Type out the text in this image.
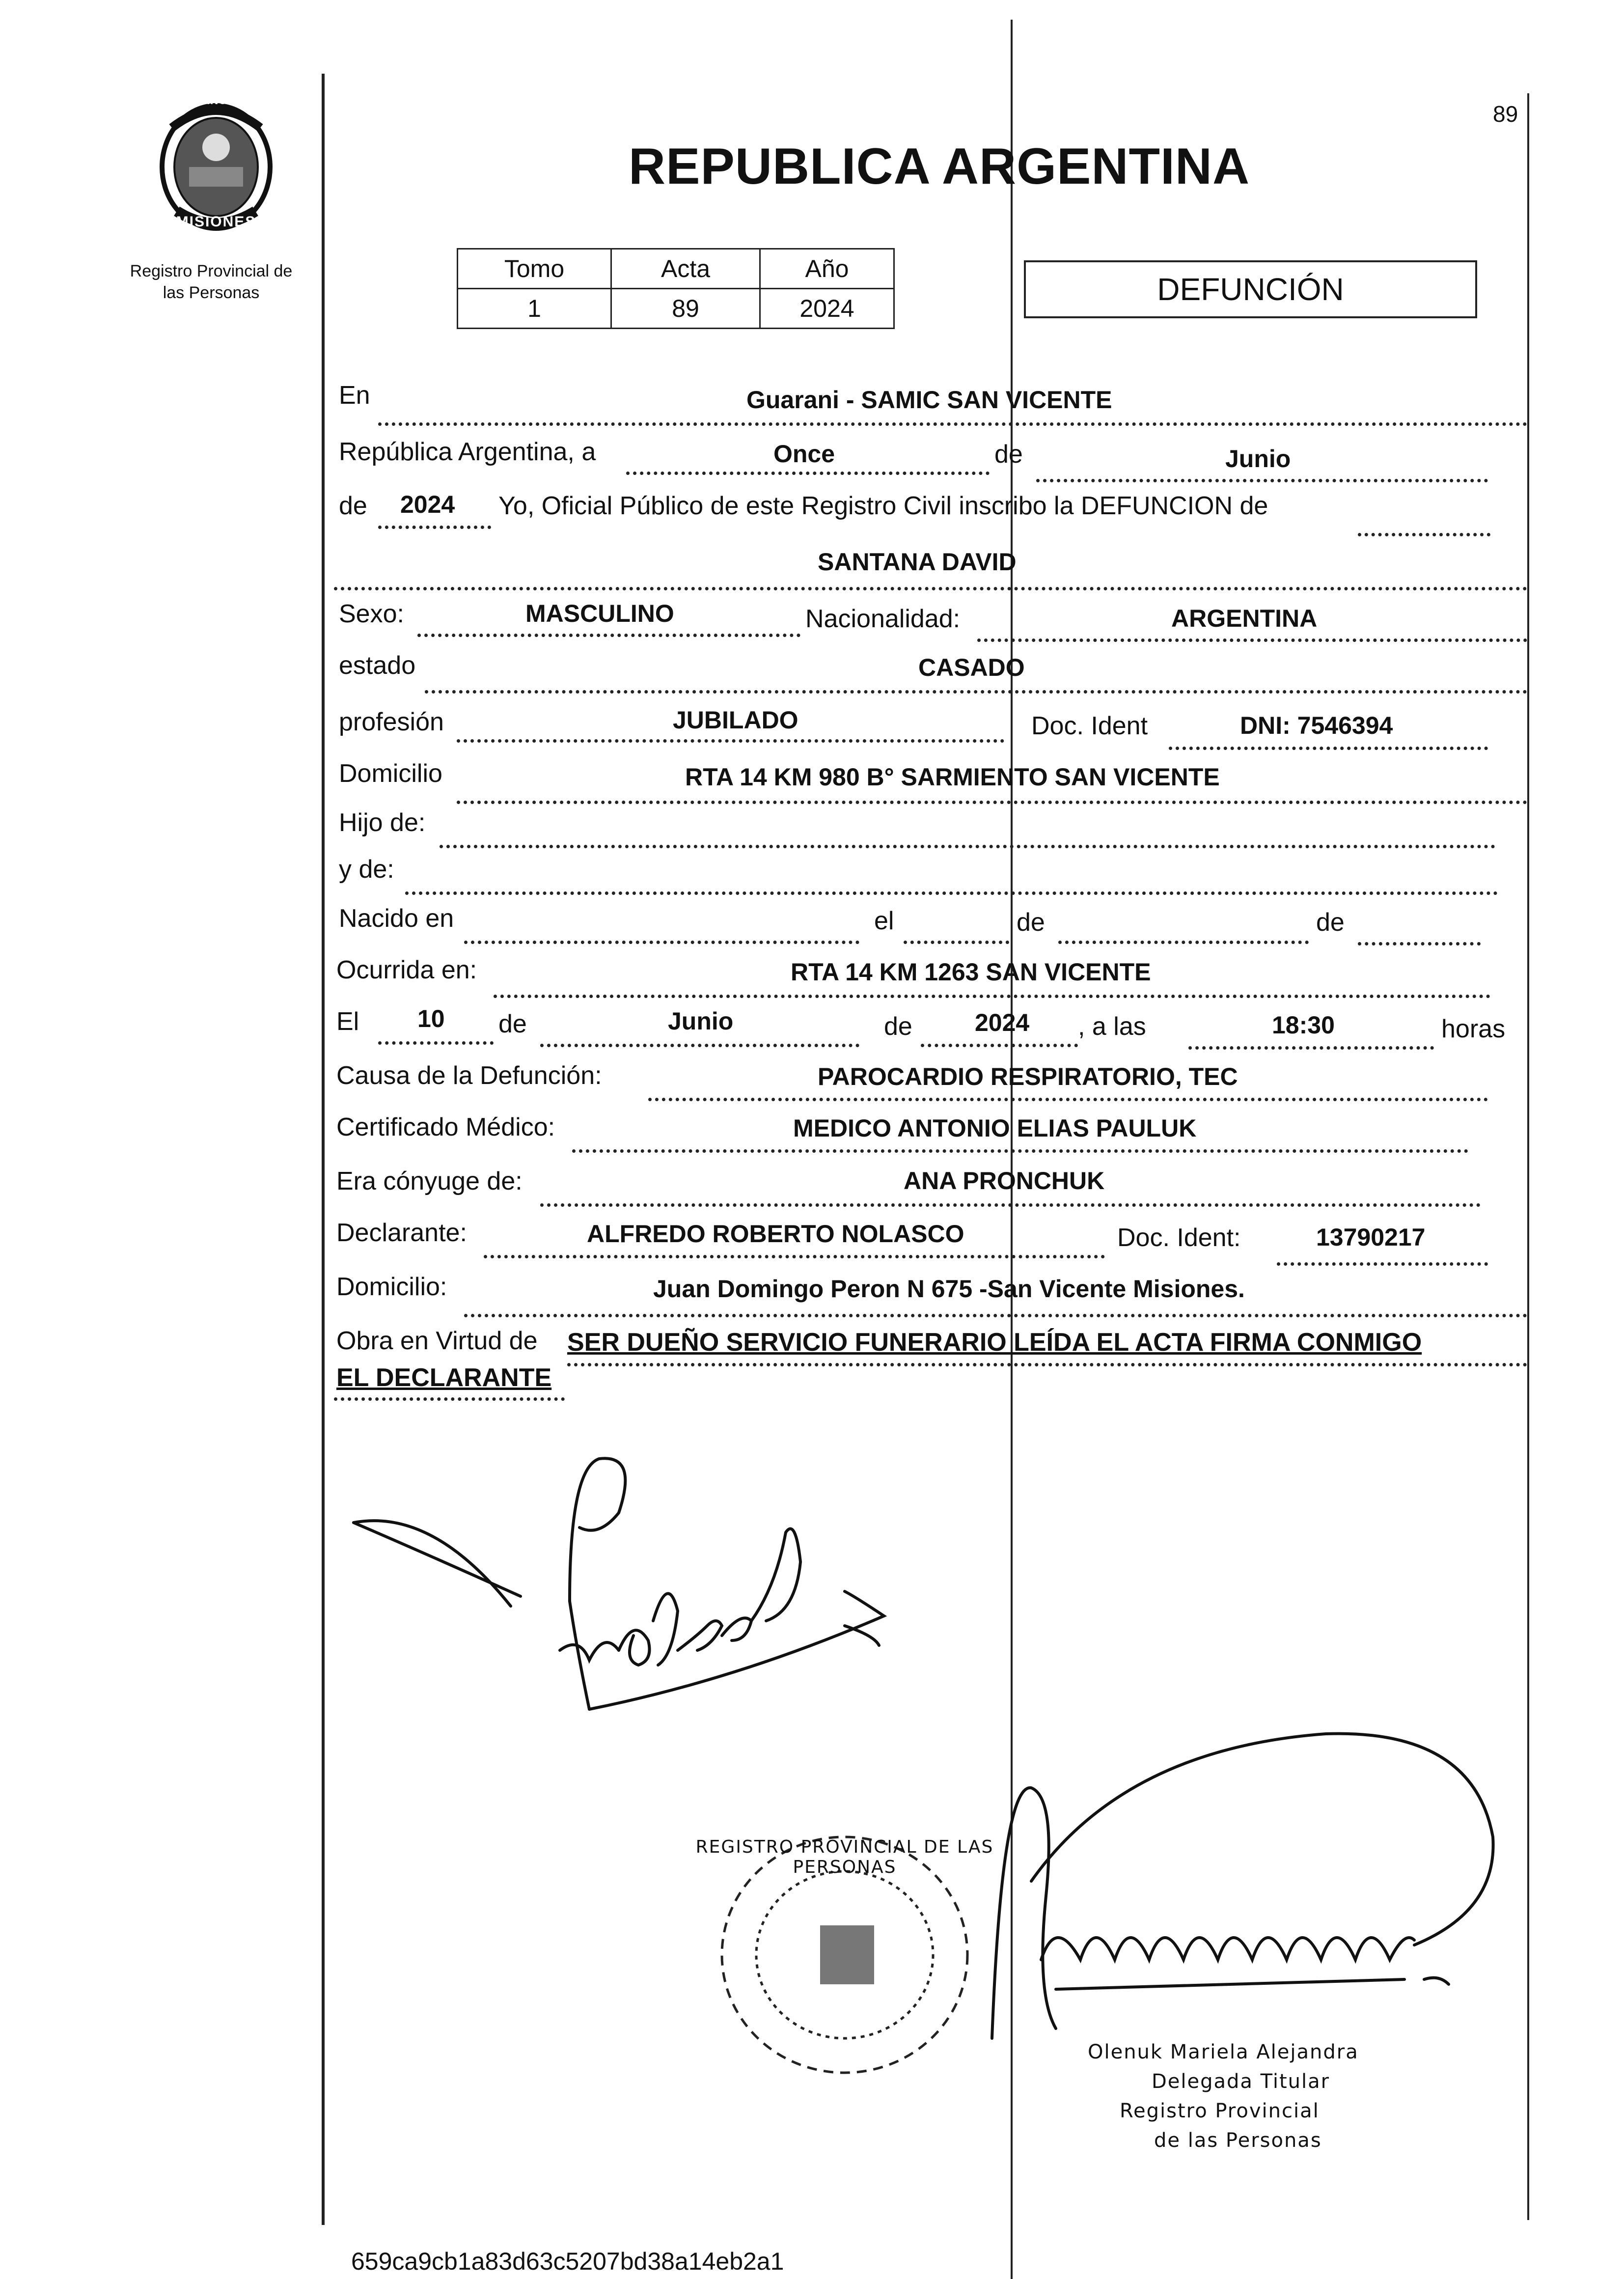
PROVINCIA DE
MISIONES
Registro Provincial de
las Personas
89
REPUBLICA ARGENTINA
Tomo	Acta	Año
1	89	2024
DEFUNCIÓN
En	Guarani - SAMIC SAN VICENTE
República Argentina, a	Once	de	Junio
de 2024 Yo, Oficial Público de este Registro Civil inscribo la DEFUNCION de
SANTANA DAVID
Sexo:	MASCULINO	Nacionalidad:	ARGENTINA
estado	CASADO
profesión	JUBILADO	Doc. Ident	DNI: 7546394
Domicilio	RTA 14 KM 980 B° SARMIENTO SAN VICENTE
Hijo de:
y de:
Nacido en	el	de	de
Ocurrida en:	RTA 14 KM 1263 SAN VICENTE
El 10 de	Junio	de	2024 , a las	18:30	horas
Causa de la Defunción:	PAROCARDIO RESPIRATORIO, TEC
Certificado Médico:	MEDICO ANTONIO ELIAS PAULUK
Era cónyuge de:	ANA PRONCHUK
Declarante:	ALFREDO ROBERTO NOLASCO	Doc. Ident:	13790217
Domicilio:	Juan Domingo Peron N 675 -San Vicente Misiones.
Obra en Virtud de SER DUEÑO SERVICIO FUNERARIO LEÍDA EL ACTA FIRMA CONMIGO
EL DECLARANTE
REGISTRO PROVINCIAL DE LAS PERSONAS
Olenuk Mariela Alejandra
Delegada Titular
Registro Provincial
de las Personas
659ca9cb1a83d63c5207bd38a14eb2a1
